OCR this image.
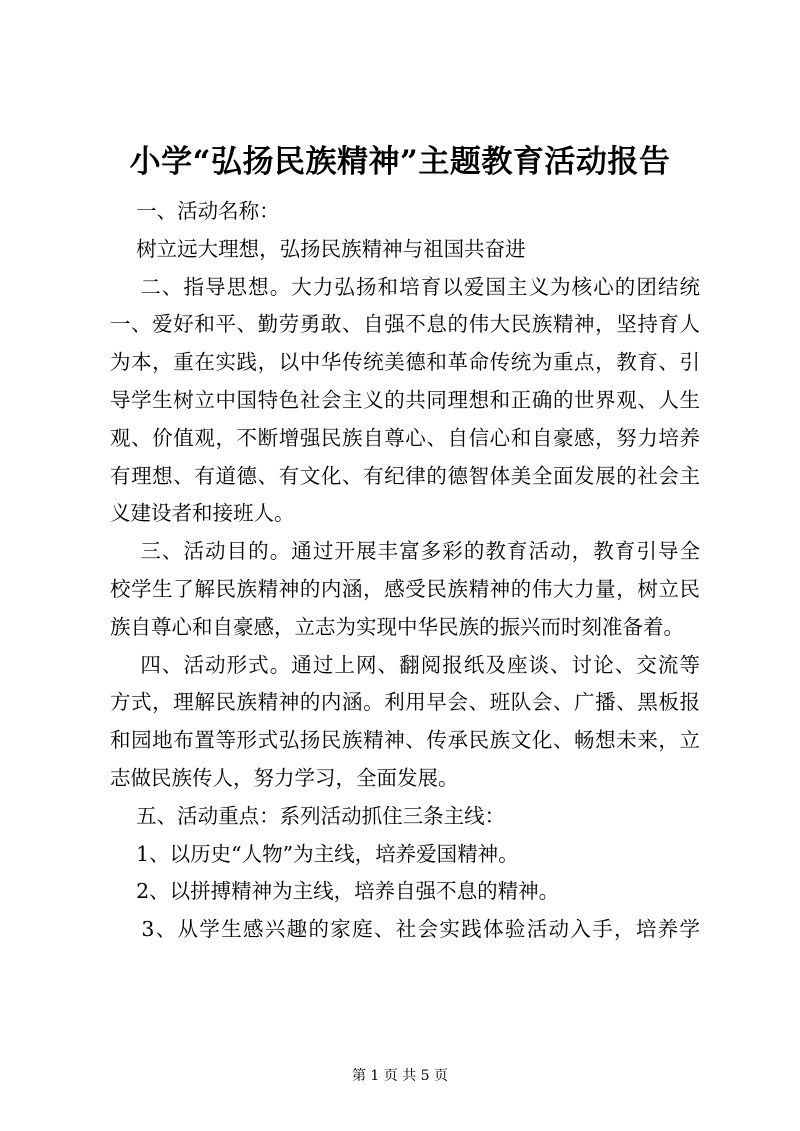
小学“弘扬民族精神”主题教育活动报告
一、活动名称：
树立远大理想，弘扬民族精神与祖国共奋进
二、指导思想。大力弘扬和培育以爱国主义为核心的团结统
一、爱好和平、勤劳勇敢、自强不息的伟大民族精神，坚持育人
为本，重在实践，以中华传统美德和革命传统为重点，教育、引
导学生树立中国特色社会主义的共同理想和正确的世界观、人生
观、价值观，不断增强民族自尊心、自信心和自豪感，努力培养
有理想、有道德、有文化、有纪律的德智体美全面发展的社会主
义建设者和接班人。
三、活动目的。通过开展丰富多彩的教育活动，教育引导全
校学生了解民族精神的内涵，感受民族精神的伟大力量，树立民
族自尊心和自豪感，立志为实现中华民族的振兴而时刻准备着。
四、活动形式。通过上网、翻阅报纸及座谈、讨论、交流等
方式，理解民族精神的内涵。利用早会、班队会、广播、黑板报
和园地布置等形式弘扬民族精神、传承民族文化、畅想未来，立
志做民族传人，努力学习，全面发展。
五、活动重点：系列活动抓住三条主线：
1、以历史“人物”为主线，培养爱国精神。
2、以拼搏精神为主线，培养自强不息的精神。
3、从学生感兴趣的家庭、社会实践体验活动入手，培养学
第 1 页 共 5 页
